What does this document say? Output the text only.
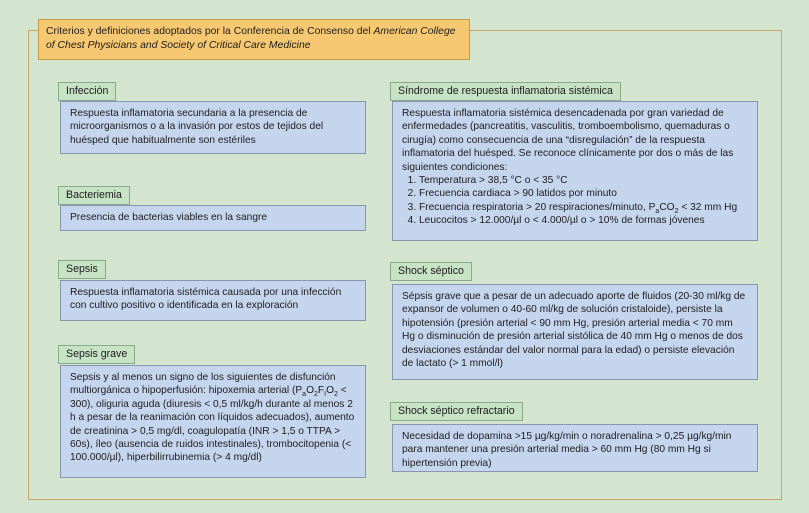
Criterios y definiciones adoptados por la Conferencia de Consenso del American College of Chest Physicians and Society of Critical Care Medicine
Infección
Respuesta inflamatoria secundaria a la presencia de microorganismos o a la invasión por estos de tejidos del huésped que habitualmente son estériles
Bacteriemia
Presencia de bacterias viables en la sangre
Sepsis
Respuesta inflamatoria sistémica causada por una infección con cultivo positivo o identificada en la exploración
Sepsis grave
Sepsis y al menos un signo de los siguientes de disfunción multiorgánica o hipoperfusión: hipoxemia arterial $(P_aO_2F_IO_2 < 300)$, oliguria aguda (diuresis < 0,5 ml/kg/h durante al menos 2 h a pesar de la reanimación con líquidos adecuados), aumento de creatinina > 0,5 mg/dl, coagulopatía (INR > 1,5 o TTPA > 60s), íleo (ausencia de ruidos intestinales), trombocitopenia (< 100.000/µl), hiperbilirrubinemia (> 4 mg/dl)
Síndrome de respuesta inflamatoria sistémica
Respuesta inflamatoria sistémica desencadenada por gran variedad de enfermedades (pancreatitis, vasculitis, tromboembolismo, quemaduras o cirugía) como consecuencia de una “disregulación” de la respuesta inflamatoria del huésped. Se reconoce clínicamente por dos o más de las siguientes condiciones:
1. Temperatura > 38,5 °C o < 35 °C
2. Frecuencia cardiaca > 90 latidos por minuto
3. Frecuencia respiratoria > 20 respiraciones/minuto, $P_aCO_2 < 32$ mm Hg
4. Leucocitos > 12.000/µl o < 4.000/µl o > 10% de formas jóvenes
Shock séptico
Sépsis grave que a pesar de un adecuado aporte de fluidos (20-30 ml/kg de expansor de volumen o 40-60 ml/kg de solución cristaloide), persiste la hipotensión (presión arterial < 90 mm Hg, presión arterial media < 70 mm Hg o disminución de presión arterial sistólica de 40 mm Hg o menos de dos desviaciones estándar del valor normal para la edad) o persiste elevación de lactato (> 1 mmol/l)
Shock séptico refractario
Necesidad de dopamina >15 µg/kg/min o noradrenalina > 0,25 µg/kg/min para mantener una presión arterial media > 60 mm Hg (80 mm Hg si hipertensión previa)
